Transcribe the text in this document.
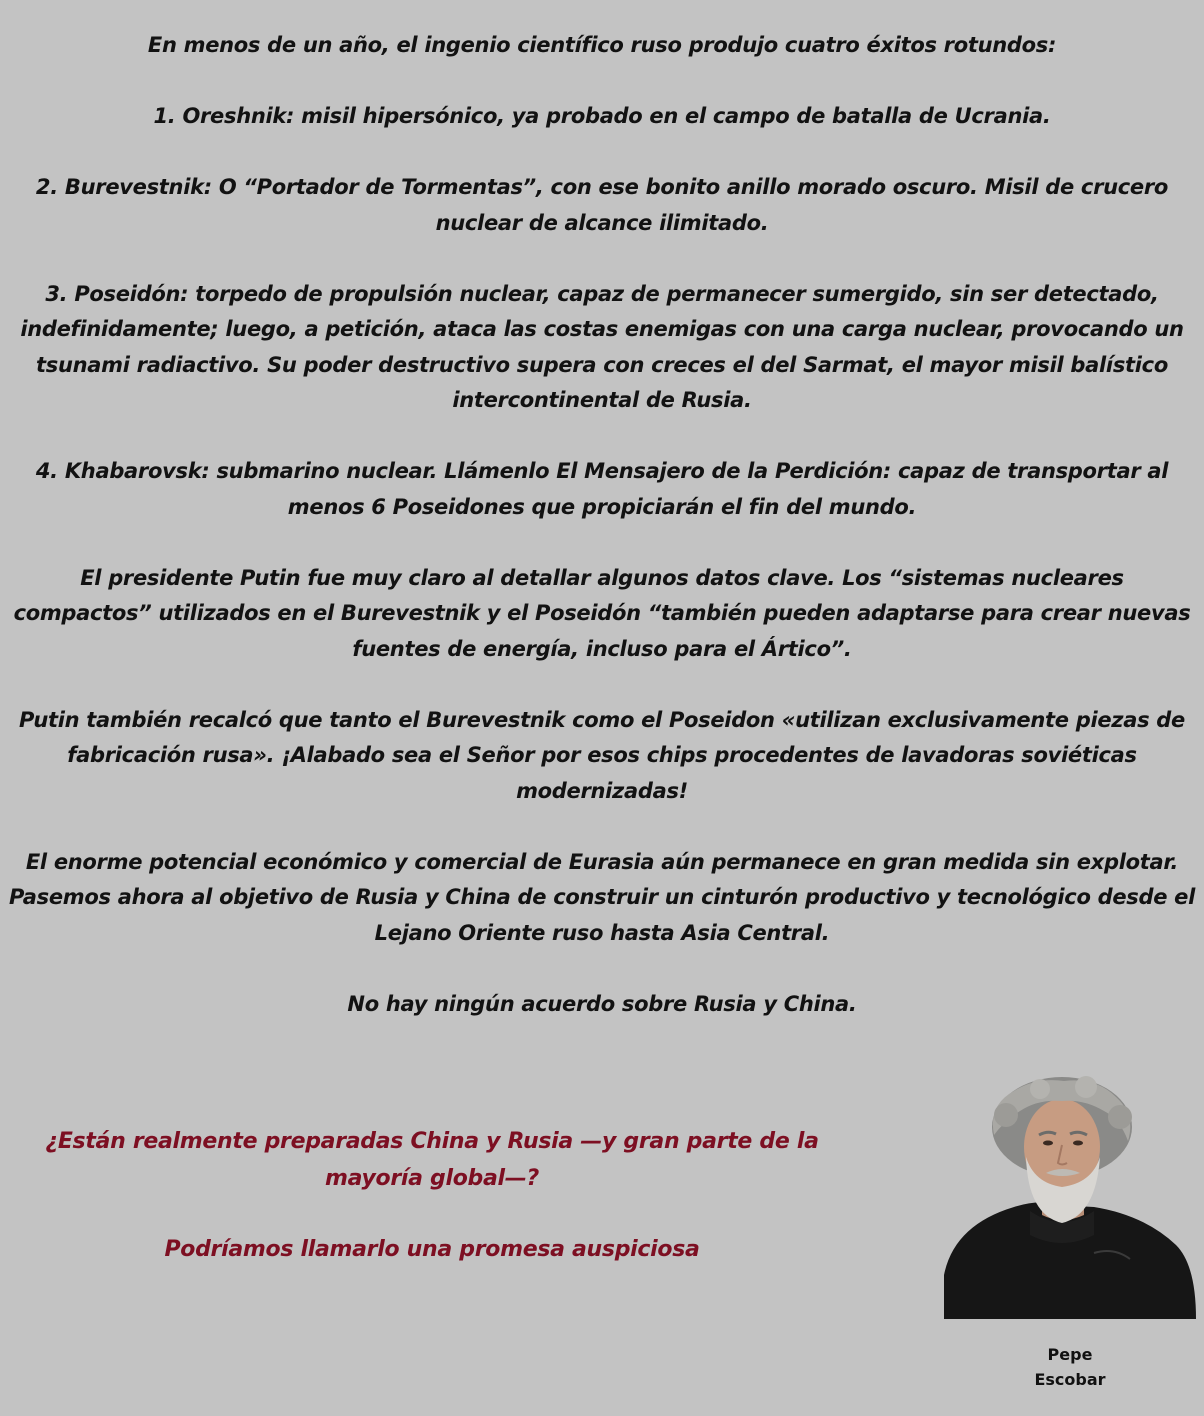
En menos de un año, el ingenio científico ruso produjo cuatro éxitos rotundos:

1. Oreshnik: misil hipersónico, ya probado en el campo de batalla de Ucrania.

2. Burevestnik: O “Portador de Tormentas”, con ese bonito anillo morado oscuro. Misil de crucero nuclear de alcance ilimitado.

3. Poseidón: torpedo de propulsión nuclear, capaz de permanecer sumergido, sin ser detectado, indefinidamente; luego, a petición, ataca las costas enemigas con una carga nuclear, provocando un tsunami radiactivo. Su poder destructivo supera con creces el del Sarmat, el mayor misil balístico intercontinental de Rusia.

4. Khabarovsk: submarino nuclear. Llámenlo El Mensajero de la Perdición: capaz de transportar al menos 6 Poseidones que propiciarán el fin del mundo.

El presidente Putin fue muy claro al detallar algunos datos clave. Los “sistemas nucleares compactos” utilizados en el Burevestnik y el Poseidón “también pueden adaptarse para crear nuevas fuentes de energía, incluso para el Ártico”.

Putin también recalcó que tanto el Burevestnik como el Poseidon «utilizan exclusivamente piezas de fabricación rusa». ¡Alabado sea el Señor por esos chips procedentes de lavadoras soviéticas modernizadas!

El enorme potencial económico y comercial de Eurasia aún permanece en gran medida sin explotar. Pasemos ahora al objetivo de Rusia y China de construir un cinturón productivo y tecnológico desde el Lejano Oriente ruso hasta Asia Central.

No hay ningún acuerdo sobre Rusia y China.

¿Están realmente preparadas China y Rusia —y gran parte de la mayoría global—?

Podríamos llamarlo una promesa auspiciosa

Pepe
Escobar
